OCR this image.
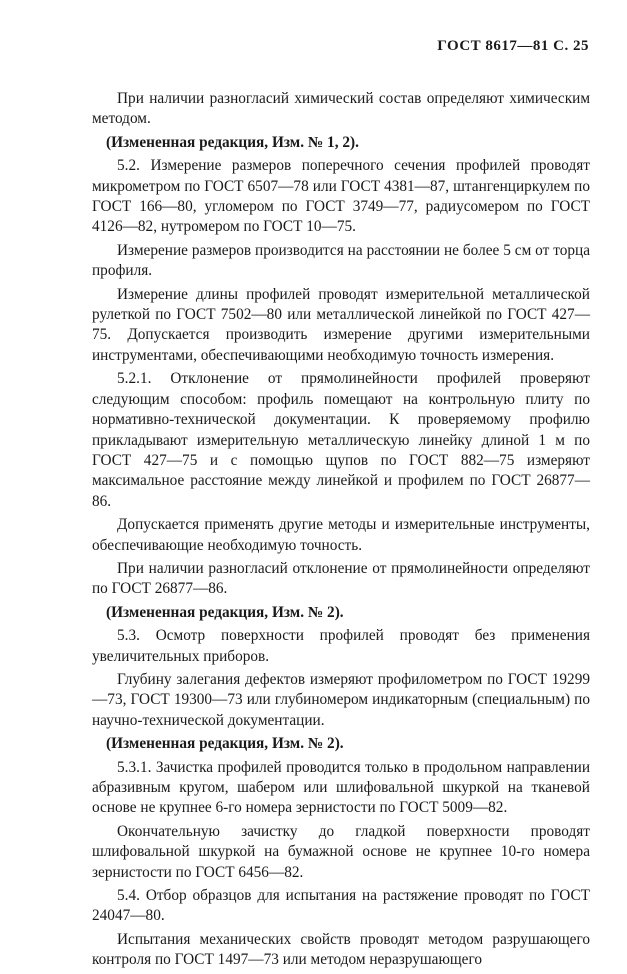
ГОСТ 8617—81 С. 25

При наличии разногласий химический состав определяют химическим методом.

(Измененная редакция, Изм. № 1, 2).

5.2. Измерение размеров поперечного сечения профилей проводят микрометром по ГОСТ 6507—78 или ГОСТ 4381—87, штангенциркулем по ГОСТ 166—80, угломером по ГОСТ 3749—77, радиусомером по ГОСТ 4126—82, нутромером по ГОСТ 10—75.

Измерение размеров производится на расстоянии не более 5 см от торца профиля.

Измерение длины профилей проводят измерительной металлической рулеткой по ГОСТ 7502—80 или металлической линейкой по ГОСТ 427—75. Допускается производить измерение другими измерительными инструментами, обеспечивающими необходимую точность измерения.

5.2.1. Отклонение от прямолинейности профилей проверяют следующим способом: профиль помещают на контрольную плиту по нормативно-технической документации. К проверяемому профилю прикладывают измерительную металлическую линейку длиной 1 м по ГОСТ 427—75 и с помощью щупов по ГОСТ 882—75 измеряют максимальное расстояние между линейкой и профилем по ГОСТ 26877—86.

Допускается применять другие методы и измерительные инструменты, обеспечивающие необходимую точность.

При наличии разногласий отклонение от прямолинейности определяют по ГОСТ 26877—86.

(Измененная редакция, Изм. № 2).

5.3. Осмотр поверхности профилей проводят без применения увеличительных приборов.

Глубину залегания дефектов измеряют профилометром по ГОСТ 19299—73, ГОСТ 19300—73 или глубиномером индикаторным (специальным) по научно-технической документации.

(Измененная редакция, Изм. № 2).

5.3.1. Зачистка профилей проводится только в продольном направлении абразивным кругом, шабером или шлифовальной шкуркой на тканевой основе не крупнее 6-го номера зернистости по ГОСТ 5009—82.

Окончательную зачистку до гладкой поверхности проводят шлифовальной шкуркой на бумажной основе не крупнее 10-го номера зернистости по ГОСТ 6456—82.

5.4. Отбор образцов для испытания на растяжение проводят по ГОСТ 24047—80.

Испытания механических свойств проводят методом разрушающего контроля по ГОСТ 1497—73 или методом неразрушающего
